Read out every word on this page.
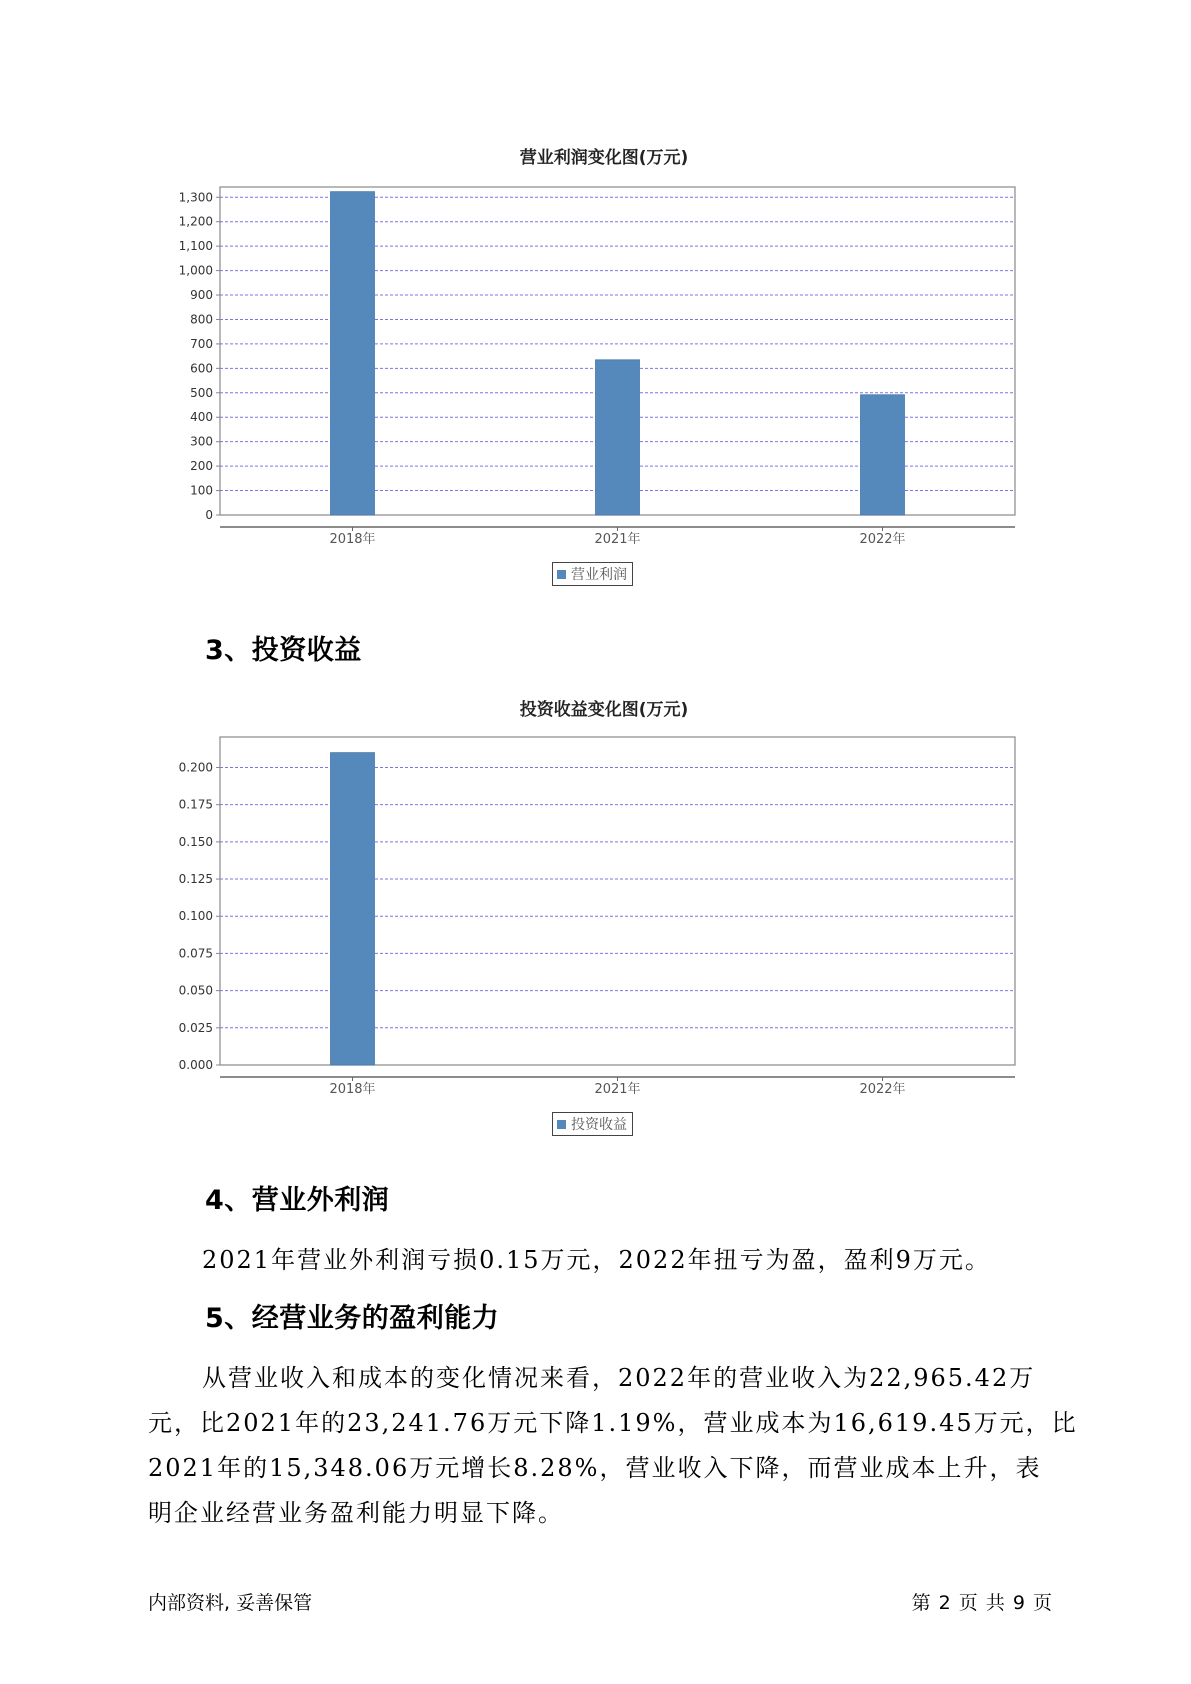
营业利润变化图(万元)
0
100
200
300
400
500
600
700
800
900
1,000
1,100
1,200
1,300
2018年	2021年	2022年
营业利润
3、投资收益
投资收益变化图(万元)
0.000
0.025
0.050
0.075
0.100
0.125
0.150
0.175
0.200
2018年	2021年	2022年
投资收益
4、营业外利润
2021年营业外利润亏损0.15万元，2022年扭亏为盈，盈利9万元。
5、经营业务的盈利能力
从营业收入和成本的变化情况来看，2022年的营业收入为22,965.42万
元，比2021年的23,241.76万元下降1.19%，营业成本为16,619.45万元，比
2021年的15,348.06万元增长8.28%，营业收入下降，而营业成本上升，表
明企业经营业务盈利能力明显下降。
内部资料, 妥善保管	第 2 页 共 9 页
